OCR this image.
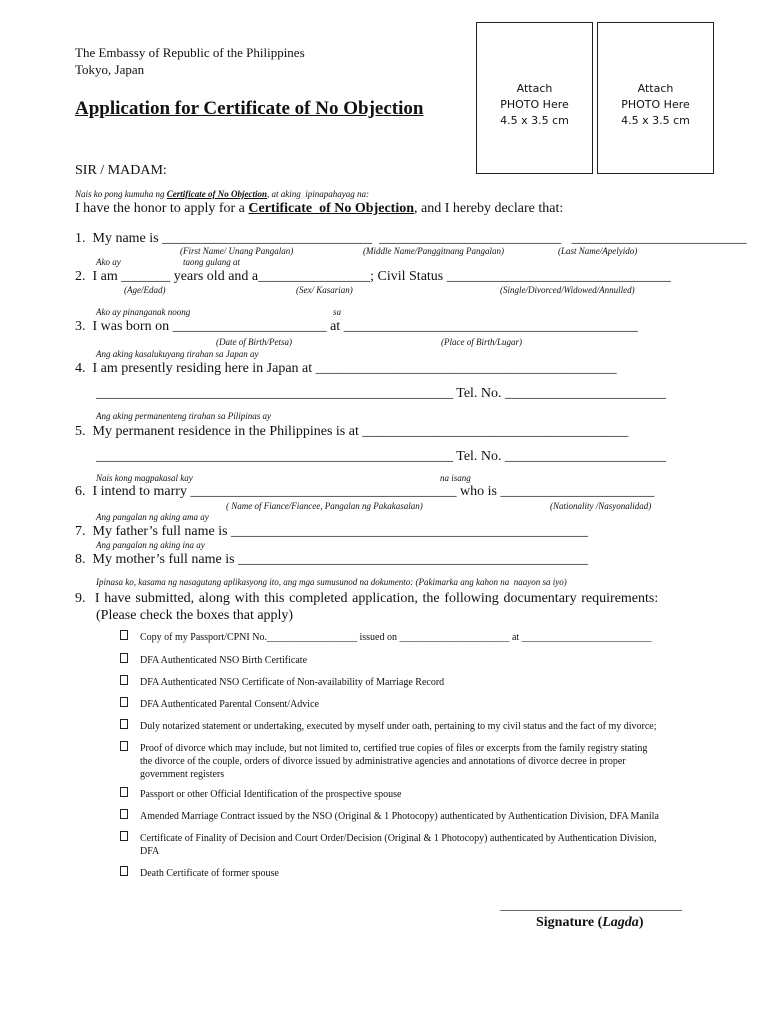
The Embassy of Republic of the Philippines
Tokyo, Japan
Application for Certificate of No Objection
Attach
PHOTO Here
4.5 x 3.5 cm
Attach
PHOTO Here
4.5 x 3.5 cm
SIR / MADAM:
Nais ko pong kumuha ng Certificate of No Objection, at aking  ipinapahayag na:
I have the honor to apply for a Certificate  of No Objection, and I hereby declare that:
1.  My name is ______________________________  __________________________   _________________________
(First Name/ Unang Pangalan)	(Middle Name/Panggitnang Pangalan)	(Last Name/Apelyido)
Ako ay	taong gulang at
2.  I am _______ years old and a________________; Civil Status ________________________________
(Age/Edad)	(Sex/ Kasarian)	(Single/Divorced/Widowed/Annulled)
Ako ay pinanganak noong	sa
3.  I was born on ______________________ at __________________________________________
(Date of Birth/Petsa)	(Place of Birth/Lugar)
Ang aking kasalukuyang tirahan sa Japan ay
4.  I am presently residing here in Japan at ___________________________________________
___________________________________________________ Tel. No. _______________________
Ang aking permanenteng tirahan sa Pilipinas ay
5.  My permanent residence in the Philippines is at ______________________________________
___________________________________________________ Tel. No. _______________________
Nais kong magpakasal kay	na isang
6.  I intend to marry ______________________________________ who is ______________________
( Name of Fiance/Fiancee, Pangalan ng Pakakasalan)	(Nationality /Nasyonalidad)
Ang pangalan ng aking ama ay
7.  My father’s full name is ___________________________________________________
Ang pangalan ng aking ina ay
8.  My mother’s full name is __________________________________________________
Ipinasa ko, kasama ng nasagutang aplikasyong ito, ang mga sumusunod na dokumento: (Pakimarka ang kahon na  naayon sa iyo)
9.  I have submitted, along with this completed application, the following documentary requirements:
(Please check the boxes that apply)
Copy of my Passport/CPNI No.__________________ issued on ______________________ at __________________________
DFA Authenticated NSO Birth Certificate
DFA Authenticated NSO Certificate of Non-availability of Marriage Record
DFA Authenticated Parental Consent/Advice
Duly notarized statement or undertaking, executed by myself under oath, pertaining to my civil status and the fact of my divorce;
Proof of divorce which may include, but not limited to, certified true copies of files or excerpts from the family registry stating
the divorce of the couple, orders of divorce issued by administrative agencies and annotations of divorce decree in proper
government registers
Passport or other Official Identification of the prospective spouse
Amended Marriage Contract issued by the NSO (Original & 1 Photocopy) authenticated by Authentication Division, DFA Manila
Certificate of Finality of Decision and Court Order/Decision (Original & 1 Photocopy) authenticated by Authentication Division,
DFA
Death Certificate of former spouse
____________________________
Signature (Lagda)
